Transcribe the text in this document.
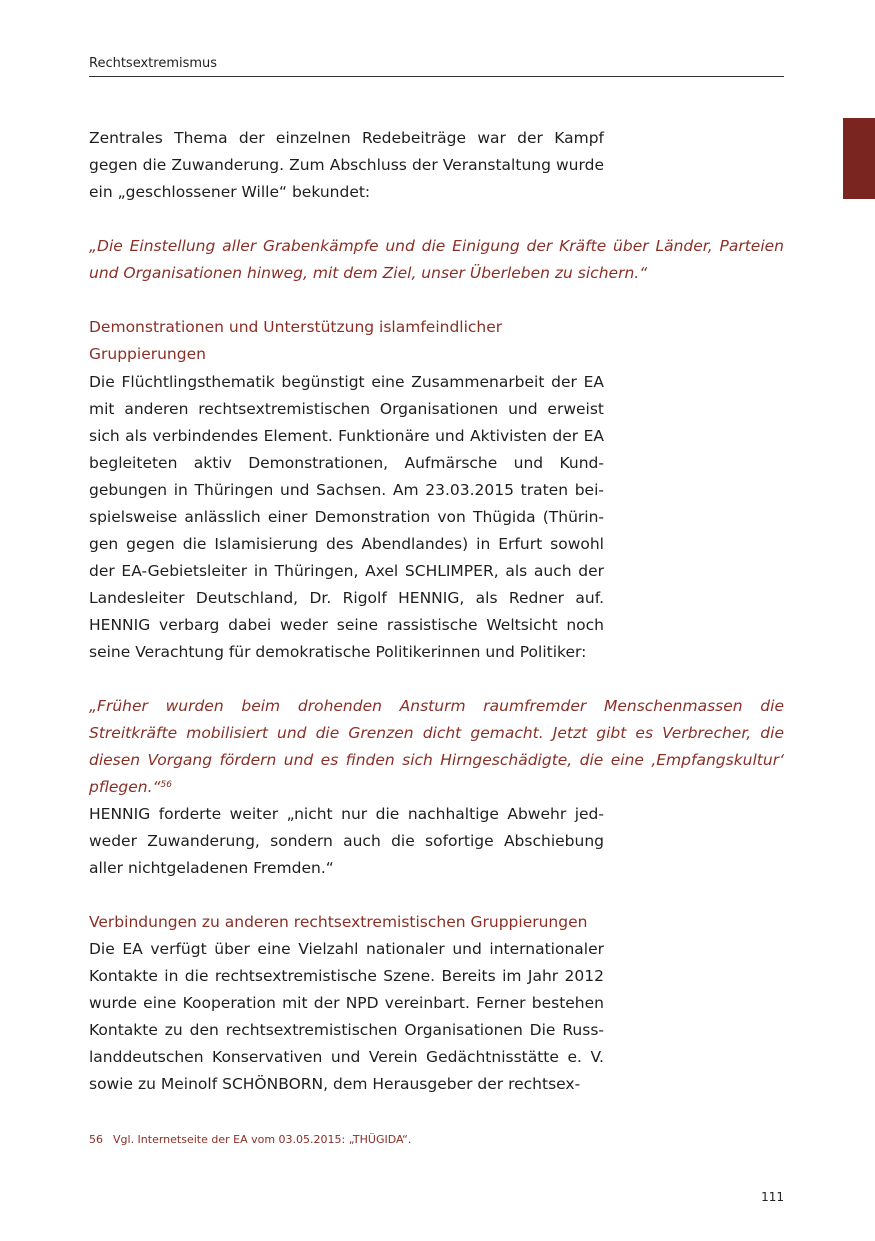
Rechtsextremismus

Zentrales Thema der einzelnen Redebeiträge war der Kampf gegen die Zuwanderung. Zum Abschluss der Veranstaltung wurde ein „geschlossener Wille“ bekundet:

„Die Einstellung aller Grabenkämpfe und die Einigung der Kräfte über Länder, Parteien und Organisationen hinweg, mit dem Ziel, unser Überleben zu sichern.“
Demonstrationen und Unterstützung islamfeindlicher Gruppierungen

Die Flüchtlingsthematik begünstigt eine Zusammenarbeit der EA mit anderen rechtsextremistischen Organisationen und erweist sich als verbindendes Element. Funktionäre und Aktivisten der EA begleiteten aktiv Demonstrationen, Aufmärsche und Kundgebungen in Thüringen und Sachsen. Am 23.03.2015 traten beispielsweise anlässlich einer Demonstration von Thügida (Thüringen gegen die Islamisierung des Abendlandes) in Erfurt sowohl der EA-Gebietsleiter in Thüringen, Axel SCHLIMPER, als auch der Landesleiter Deutschland, Dr. Rigolf HENNIG, als Redner auf. HENNIG verbarg dabei weder seine rassistische Weltsicht noch seine Verachtung für demokratische Politikerinnen und Politiker:

„Früher wurden beim drohenden Ansturm raumfremder Menschenmassen die Streitkräfte mobilisiert und die Grenzen dicht gemacht. Jetzt gibt es Verbrecher, die diesen Vorgang fördern und es finden sich Hirngeschädigte, die eine ‚Empfangskultur‘ pflegen.“$^{56}$

HENNIG forderte weiter „nicht nur die nachhaltige Abwehr jedweder Zuwanderung, sondern auch die sofortige Abschiebung aller nichtgeladenen Fremden.“

Verbindungen zu anderen rechtsextremistischen Gruppierungen

Die EA verfügt über eine Vielzahl nationaler und internationaler Kontakte in die rechtsextremistische Szene. Bereits im Jahr 2012 wurde eine Kooperation mit der NPD vereinbart. Ferner bestehen Kontakte zu den rechtsextremistischen Organisationen Die Russlanddeutschen Konservativen und Verein Gedächtnisstätte e. V. sowie zu Meinolf SCHÖNBORN, dem Herausgeber der rechtsex-

56 Vgl. Internetseite der EA vom 03.05.2015: „THÜGIDA“.
111
